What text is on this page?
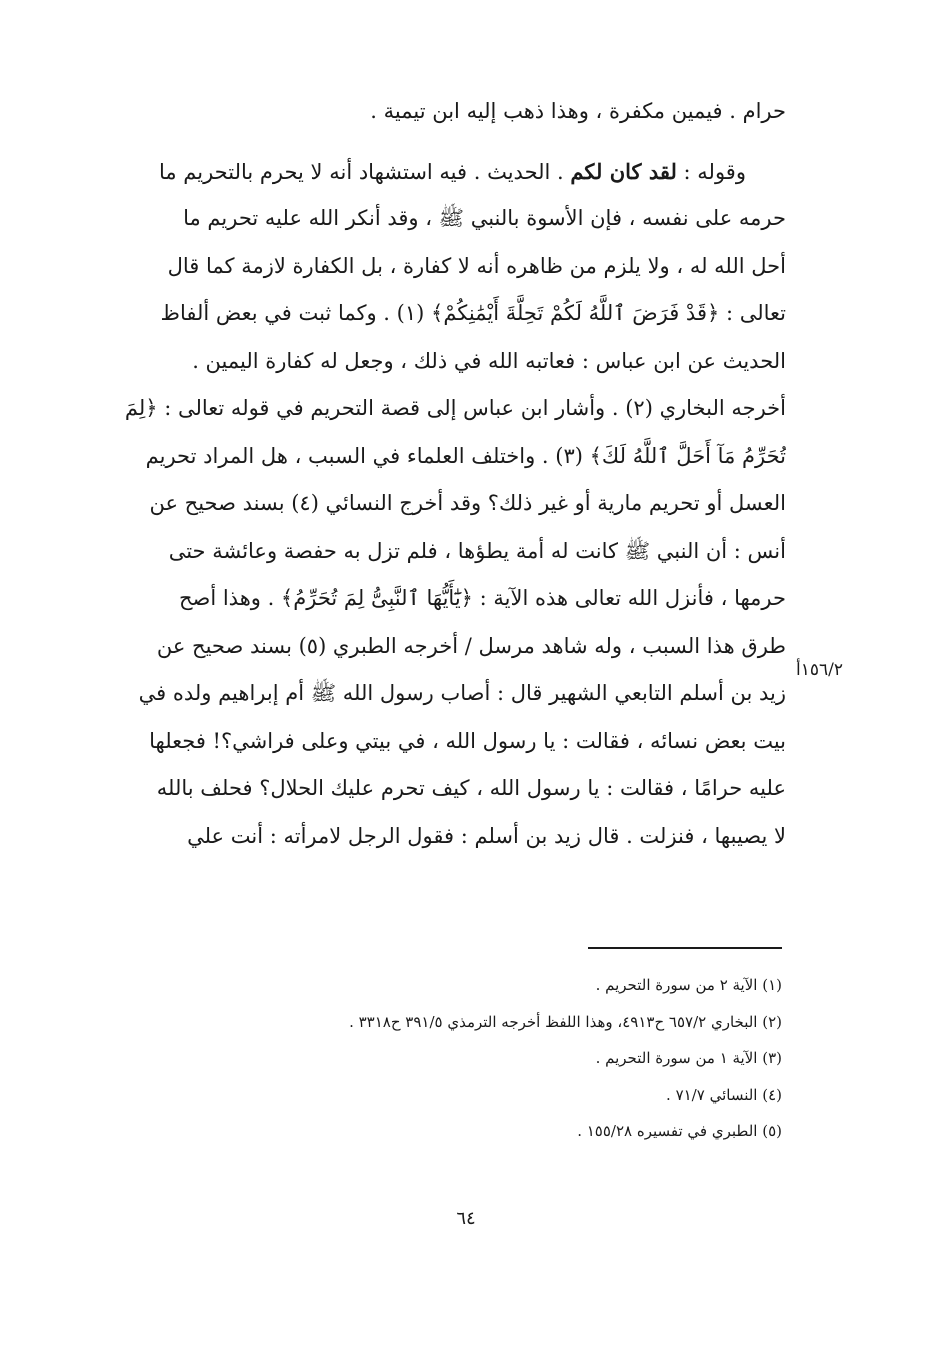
حرام . فيمين مكفرة ، وهذا ذهب إليه ابن تيمية .
وقوله : لقد كان لكم . الحديث . فيه استشهاد أنه لا يحرم بالتحريم ما
حرمه على نفسه ، فإن الأسوة بالنبي ﷺ ، وقد أنكر الله عليه تحريم ما
أحل الله له ، ولا يلزم من ظاهره أنه لا كفارة ، بل الكفارة لازمة كما قال
تعالى : ﴿قَدْ فَرَضَ ٱللَّهُ لَكُمْ تَحِلَّةَ أَيْمَٰنِكُمْ﴾ (١) . وكما ثبت في بعض ألفاظ
الحديث عن ابن عباس : فعاتبه الله في ذلك ، وجعل له كفارة اليمين .
أخرجه البخاري (٢) . وأشار ابن عباس إلى قصة التحريم في قوله تعالى : ﴿لِمَ
تُحَرِّمُ مَآ أَحَلَّ ٱللَّهُ لَكَ﴾ (٣) . واختلف العلماء في السبب ، هل المراد تحريم
العسل أو تحريم مارية أو غير ذلك؟ وقد أخرج النسائي (٤) بسند صحيح عن
أنس : أن النبي ﷺ كانت له أمة يطؤها ، فلم تزل به حفصة وعائشة حتى
حرمها ، فأنزل الله تعالى هذه الآية : ﴿يَٰٓأَيُّهَا ٱلنَّبِىُّ لِمَ تُحَرِّمُ﴾ . وهذا أصح
طرق هذا السبب ، وله شاهد مرسل / أخرجه الطبري (٥) بسند صحيح عن
زيد بن أسلم التابعي الشهير قال : أصاب رسول الله ﷺ أم إبراهيم ولده في
بيت بعض نسائه ، فقالت : يا رسول الله ، في بيتي وعلى فراشي؟! فجعلها
عليه حرامًا ، فقالت : يا رسول الله ، كيف تحرم عليك الحلال؟ فحلف بالله
لا يصيبها ، فنزلت . قال زيد بن أسلم : فقول الرجل لامرأته : أنت علي
١٥٦/٢أ
(١) الآية ٢ من سورة التحريم .
(٢) البخاري ٦٥٧/٢ ح٤٩١٣، وهذا اللفظ أخرجه الترمذي ٣٩١/٥ ح٣٣١٨ .
(٣) الآية ١ من سورة التحريم .
(٤) النسائي ٧١/٧ .
(٥) الطبري في تفسيره ١٥٥/٢٨ .
٦٤
